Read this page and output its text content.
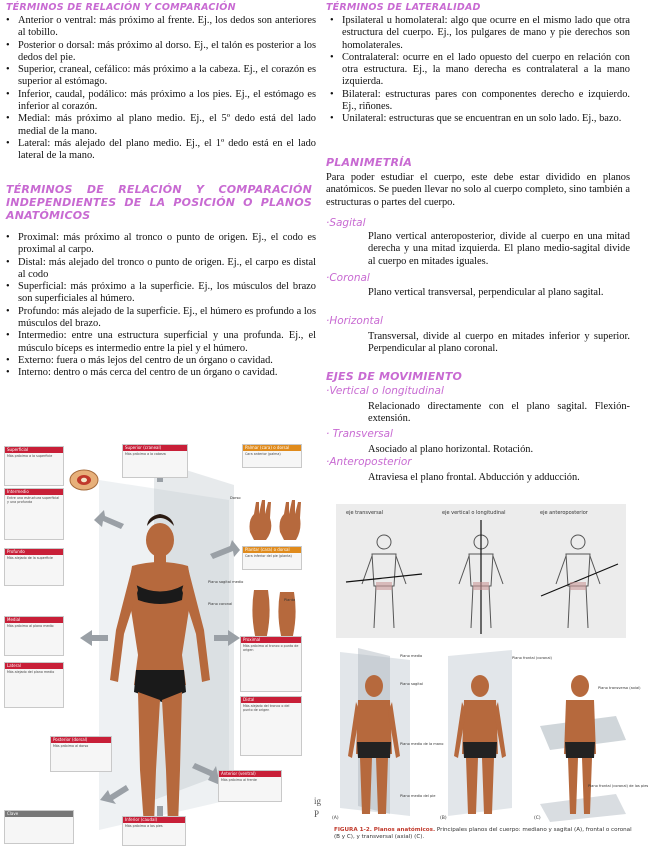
TÉRMINOS DE RELACIÓN Y COMPARACIÓN
• Anterior o ventral: más próximo al frente. Ej., los dedos son anteriores al tobillo.
• Posterior o dorsal: más próximo al dorso. Ej., el talón es posterior a los dedos del pie.
• Superior, craneal, cefálico: más próximo a la cabeza. Ej., el corazón es superior al estómago.
• Inferior, caudal, podálico: más próximo a los pies. Ej., el estómago es inferior al corazón.
• Medial: más próximo al plano medio. Ej., el 5º dedo está del lado medial de la mano.
• Lateral: más alejado del plano medio. Ej., el 1º dedo está en el lado lateral de la mano.
TÉRMINOS DE RELACIÓN Y COMPARACIÓN INDEPENDIENTES DE LA POSICIÓN O PLANOS ANATÓMICOS
• Proximal: más próximo al tronco o punto de origen. Ej., el codo es proximal al carpo.
• Distal: más alejado del tronco o punto de origen. Ej., el carpo es distal al codo
• Superficial: más próximo a la superficie. Ej., los músculos del brazo son superficiales al húmero.
• Profundo: más alejado de la superficie. Ej., el húmero es profundo a los músculos del brazo.
• Intermedio: entre una estructura superficial y una profunda. Ej., el músculo bíceps es intermedio entre la piel y el húmero.
• Externo: fuera o más lejos del centro de un órgano o cavidad.
• Interno: dentro o más cerca del centro de un órgano o cavidad.
Superficial
Más próximo a la superficie
Intermedio
Entre una estructura superficial y una profunda
Profundo
Más alejado de la superficie
Medial
Más próximo al plano medio
Lateral
Más alejado del plano medio
Posterior (dorsal)
Más próximo al dorso
Superior (craneal)
Más próximo a la cabeza
Proximal
Más próximo al tronco o punto de origen
Distal
Más alejado del tronco o del punto de origen
Anterior (ventral)
Más próximo al frente
Inferior (caudal)
Más próximo a los pies
Palmar (cara) o dorsal
Cara anterior (palma)
Plantar (cara) o dorsal
Cara inferior del pie (planta)
Clave
Plano sagital medio
Plano coronal
Dorso
Planta
ig P
TÉRMINOS DE LATERALIDAD
• Ipsilateral u homolateral: algo que ocurre en el mismo lado que otra estructura del cuerpo. Ej., los pulgares de mano y pie derechos son homolaterales.
• Contralateral: ocurre en el lado opuesto del cuerpo en relación con otra estructura. Ej., la mano derecha es contralateral a la mano izquierda.
• Bilateral: estructuras pares con componentes derecho e izquierdo. Ej., riñones.
• Unilateral: estructuras que se encuentran en un solo lado. Ej., bazo.
PLANIMETRÍA

Para poder estudiar el cuerpo, este debe estar dividido en planos anatómicos. Se pueden llevar no solo al cuerpo completo, sino también a estructuras o partes del cuerpo.

·Sagital

Plano vertical anteroposterior, divide al cuerpo en una mitad derecha y una mitad izquierda. El plano medio-sagital divide al cuerpo en mitades iguales.

·Coronal

Plano vertical transversal, perpendicular al plano sagital.

·Horizontal

Transversal, divide al cuerpo en mitades inferior y superior. Perpendicular al plano coronal.

EJES DE MOVIMIENTO
·Vertical o longitudinal

Relacionado directamente con el plano sagital. Flexión-extensión.

· Transversal

Asociado al plano horizontal. Rotación.

·Anteroposterior

Atraviesa el plano frontal. Abducción y adducción.

eje transversal	eje vertical o longitudinal	eje anteroposterior
Plano medio
Plano sagital
Plano medio de la mano
Plano medio del pie
Plano frontal (coronal)
Plano transverso (axial)
Plano frontal (coronal) de los pies
(A)	(B)	(C)
FIGURA 1-2. Planos anatómicos. Principales planos del cuerpo: mediano y sagital (A), frontal o coronal (B y C), y transversal (axial) (C).
